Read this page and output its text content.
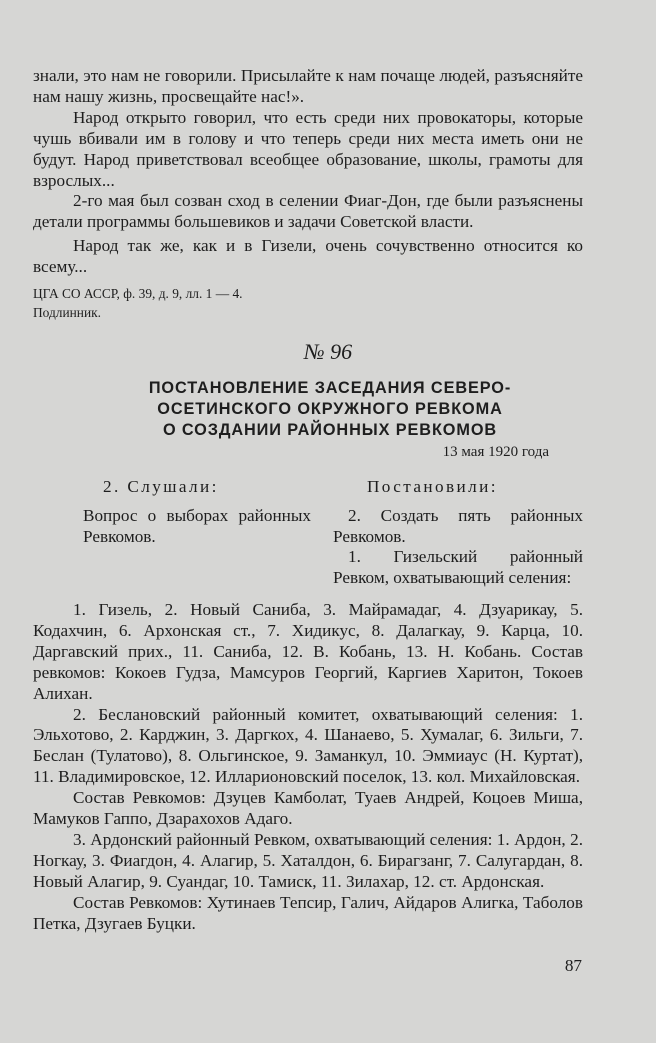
знали, это нам не говорили. Присылайте к нам почаще людей, разъясняйте нам нашу жизнь, просвещайте нас!».

Народ открыто говорил, что есть среди них провокаторы, которые чушь вбивали им в голову и что теперь среди них места иметь они не будут. Народ приветствовал всеобщее образование, школы, грамоты для взрослых...

2-го мая был созван сход в селении Фиаг-Дон, где были разъяснены детали программы большевиков и задачи Советской власти.

Народ так же, как и в Гизели, очень сочувственно относится ко всему...

ЦГА СО АССР, ф. 39, д. 9, лл. 1 — 4.

Подлинник.

№ 96
ПОСТАНОВЛЕНИЕ ЗАСЕДАНИЯ СЕВЕРО-
ОСЕТИНСКОГО ОКРУЖНОГО РЕВКОМА
О СОЗДАНИИ РАЙОННЫХ РЕВКОМОВ
13 мая 1920 года

2. Слушали:

Вопрос о выборах районных Ревкомов.

Постановили:

2. Создать пять районных Ревкомов.

1. Гизельский районный Ревком, охватывающий селения:

1. Гизель, 2. Новый Саниба, 3. Майрамадаг, 4. Дзуарикау, 5. Кодахчин, 6. Архонская ст., 7. Хидикус, 8. Далагкау, 9. Карца, 10. Даргавский прих., 11. Саниба, 12. В. Кобань, 13. Н. Кобань. Состав ревкомов: Кокоев Гудза, Мамсуров Георгий, Каргиев Харитон, Токоев Алихан.

2. Беслановский районный комитет, охватывающий селения: 1. Эльхотово, 2. Карджин, 3. Даргкох, 4. Шанаево, 5. Хумалаг, 6. Зильги, 7. Беслан (Тулатово), 8. Ольгинское, 9. Заманкул, 10. Эммиаус (Н. Куртат), 11. Владимировское, 12. Илларионовский поселок, 13. кол. Михайловская.

Состав Ревкомов: Дзуцев Камболат, Туаев Андрей, Коцоев Миша, Мамуков Гаппо, Дзарахохов Адаго.

3. Ардонский районный Ревком, охватывающий селения: 1. Ардон, 2. Ногкау, 3. Фиагдон, 4. Алагир, 5. Хаталдон, 6. Бирагзанг, 7. Салугардан, 8. Новый Алагир, 9. Суандаг, 10. Тамиск, 11. Зилахар, 12. ст. Ардонская.

Состав Ревкомов: Хутинаев Тепсир, Галич, Айдаров Алигка, Таболов Петка, Дзугаев Буцки.

87
